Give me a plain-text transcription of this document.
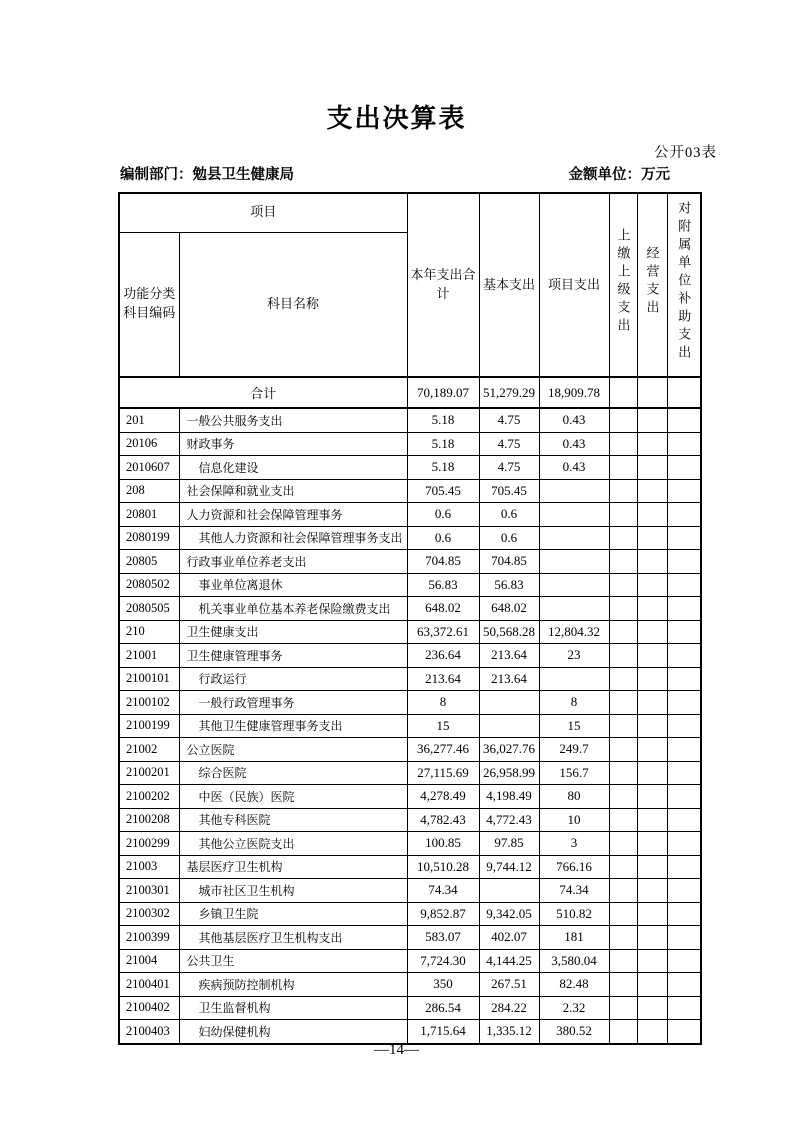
支出决算表
公开03表
编制部门：勉县卫生健康局	金额单位：万元
项目		本年支出合计	基本支出	项目支出	上缴上级支出	经营支出	对附属单位补助支出
功能分类科目编码	科目名称						
合计		70,189.07	51,279.29	18,909.78			
201	一般公共服务支出	5.18	4.75	0.43			
20106	财政事务	5.18	4.75	0.43			
2010607	信息化建设	5.18	4.75	0.43			
208	社会保障和就业支出	705.45	705.45				
20801	人力资源和社会保障管理事务	0.6	0.6				
2080199	其他人力资源和社会保障管理事务支出	0.6	0.6				
20805	行政事业单位养老支出	704.85	704.85				
2080502	事业单位离退休	56.83	56.83				
2080505	机关事业单位基本养老保险缴费支出	648.02	648.02				
210	卫生健康支出	63,372.61	50,568.28	12,804.32			
21001	卫生健康管理事务	236.64	213.64	23			
2100101	行政运行	213.64	213.64				
2100102	一般行政管理事务	8		8			
2100199	其他卫生健康管理事务支出	15		15			
21002	公立医院	36,277.46	36,027.76	249.7			
2100201	综合医院	27,115.69	26,958.99	156.7			
2100202	中医（民族）医院	4,278.49	4,198.49	80			
2100208	其他专科医院	4,782.43	4,772.43	10			
2100299	其他公立医院支出	100.85	97.85	3			
21003	基层医疗卫生机构	10,510.28	9,744.12	766.16			
2100301	城市社区卫生机构	74.34		74.34			
2100302	乡镇卫生院	9,852.87	9,342.05	510.82			
2100399	其他基层医疗卫生机构支出	583.07	402.07	181			
21004	公共卫生	7,724.30	4,144.25	3,580.04			
2100401	疾病预防控制机构	350	267.51	82.48			
2100402	卫生监督机构	286.54	284.22	2.32			
2100403	妇幼保健机构	1,715.64	1,335.12	380.52			
—14—
